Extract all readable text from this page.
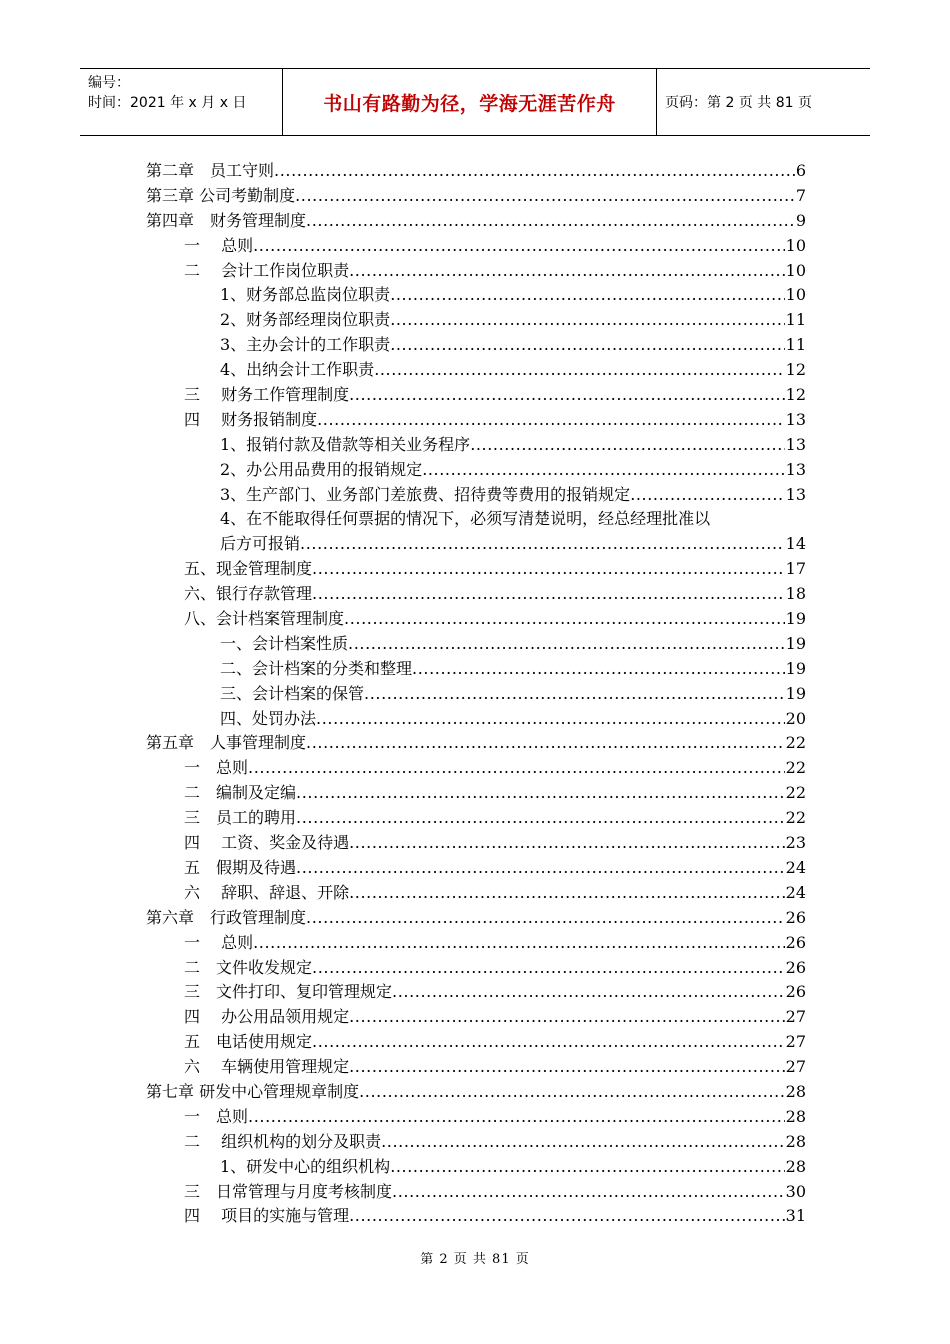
编号：
时间：2021 年 x 月 x 日	书山有路勤为径，学海无涯苦作舟	页码：第 2 页 共 81 页
第二章　员工守则 .....	6
第三章 公司考勤制度 .....	7
第四章　财务管理制度 .....	9
一　 总则 .....	10
二　 会计工作岗位职责 .....	10
1、财务部总监岗位职责 .....	10
2、财务部经理岗位职责 .....	11
3、主办会计的工作职责 .....	11
4、出纳会计工作职责 .....	12
三　 财务工作管理制度 .....	12
四　 财务报销制度 .....	13
1、报销付款及借款等相关业务程序 .....	13
2、办公用品费用的报销规定 .....	13
3、生产部门、业务部门差旅费、招待费等费用的报销规定 .....	13
4、在不能取得任何票据的情况下，必须写清楚说明，经总经理批准以
后方可报销 .....	14
五、现金管理制度 .....	17
六、银行存款管理 .....	18
八、会计档案管理制度 .....	19
一、会计档案性质 .....	19
二、会计档案的分类和整理 .....	19
三、会计档案的保管 .....	19
四、处罚办法 .....	20
第五章　人事管理制度 .....	22
一　总则 .....	22
二　编制及定编 .....	22
三　员工的聘用 .....	22
四　 工资、奖金及待遇 .....	23
五　假期及待遇 .....	24
六　 辞职、辞退、开除 .....	24
第六章　行政管理制度 .....	26
一　 总则 .....	26
二　文件收发规定 .....	26
三　文件打印、复印管理规定 .....	26
四　 办公用品领用规定 .....	27
五　电话使用规定 .....	27
六　 车辆使用管理规定 .....	27
第七章 研发中心管理规章制度 .....	28
一　总则 .....	28
二　 组织机构的划分及职责 .....	28
1、研发中心的组织机构 .....	28
三　日常管理与月度考核制度 .....	30
四　 项目的实施与管理 .....	31
第 2 页 共 81 页
